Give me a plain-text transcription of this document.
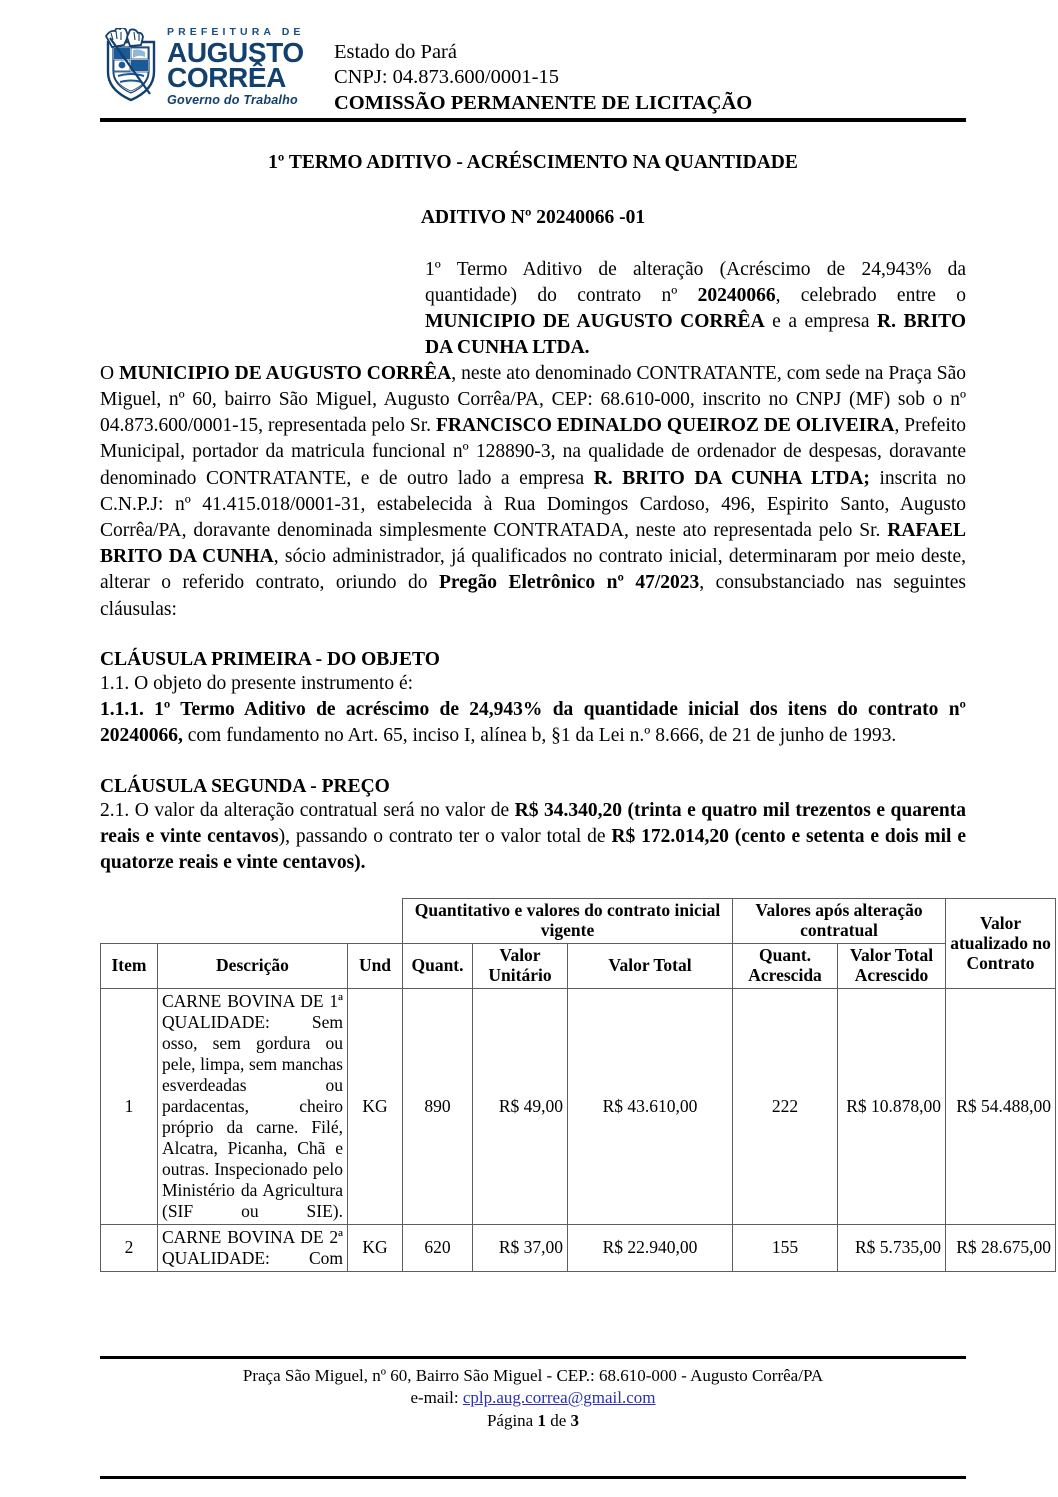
PREFEITURA DE
AUGUSTO
CORRÊA
Governo do Trabalho
Estado do Pará
CNPJ: 04.873.600/0001-15
COMISSÃO PERMANENTE DE LICITAÇÃO
1º TERMO ADITIVO - ACRÉSCIMENTO NA QUANTIDADE
ADITIVO Nº 20240066 -01
1º Termo Aditivo de alteração (Acréscimo de 24,943% da quantidade) do contrato nº 20240066, celebrado entre o MUNICIPIO DE AUGUSTO CORRÊA e a empresa R. BRITO DA CUNHA LTDA.

O MUNICIPIO DE AUGUSTO CORRÊA, neste ato denominado CONTRATANTE, com sede na Praça São Miguel, nº 60, bairro São Miguel, Augusto Corrêa/PA, CEP: 68.610-000, inscrito no CNPJ (MF) sob o nº 04.873.600/0001-15, representada pelo Sr. FRANCISCO EDINALDO QUEIROZ DE OLIVEIRA, Prefeito Municipal, portador da matricula funcional nº 128890-3, na qualidade de ordenador de despesas, doravante denominado CONTRATANTE, e de outro lado a empresa R. BRITO DA CUNHA LTDA; inscrita no C.N.P.J: nº 41.415.018/0001-31, estabelecida à Rua Domingos Cardoso, 496, Espirito Santo, Augusto Corrêa/PA, doravante denominada simplesmente CONTRATADA, neste ato representada pelo Sr. RAFAEL BRITO DA CUNHA, sócio administrador, já qualificados no contrato inicial, determinaram por meio deste, alterar o referido contrato, oriundo do Pregão Eletrônico nº 47/2023, consubstanciado nas seguintes cláusulas:

CLÁUSULA PRIMEIRA - DO OBJETO

1.1. O objeto do presente instrumento é:

1.1.1. 1º Termo Aditivo de acréscimo de 24,943% da quantidade inicial dos itens do contrato nº 20240066, com fundamento no Art. 65, inciso I, alínea b, §1 da Lei n.º 8.666, de 21 de junho de 1993.

CLÁUSULA SEGUNDA - PREÇO

2.1. O valor da alteração contratual será no valor de R$ 34.340,20 (trinta e quatro mil trezentos e quarenta reais e vinte centavos), passando o contrato ter o valor total de R$ 172.014,20 (cento e setenta e dois mil e quatorze reais e vinte centavos).

			Quantitativo e valores do contrato inicial vigente			Valores após alteração contratual		Valor atualizado no Contrato
Item	Descrição	Und	Quant.	Valor Unitário	Valor Total	Quant. Acrescida	Valor Total Acrescido	
1	CARNE BOVINA DE 1ª QUALIDADE: Sem osso, sem gordura ou pele, limpa, sem manchas esverdeadas ou pardacentas, cheiro próprio da carne. Filé, Alcatra, Picanha, Chã e outras. Inspecionado pelo Ministério da Agricultura (SIF ou SIE).	KG	890	R$ 49,00	R$ 43.610,00	222	R$ 10.878,00	R$ 54.488,00
2	CARNE BOVINA DE 2ª QUALIDADE: Com	KG	620	R$ 37,00	R$ 22.940,00	155	R$ 5.735,00	R$ 28.675,00
Praça São Miguel, nº 60, Bairro São Miguel - CEP.: 68.610-000 - Augusto Corrêa/PA
e-mail: cplp.aug.correa@gmail.com
Página 1 de 3
